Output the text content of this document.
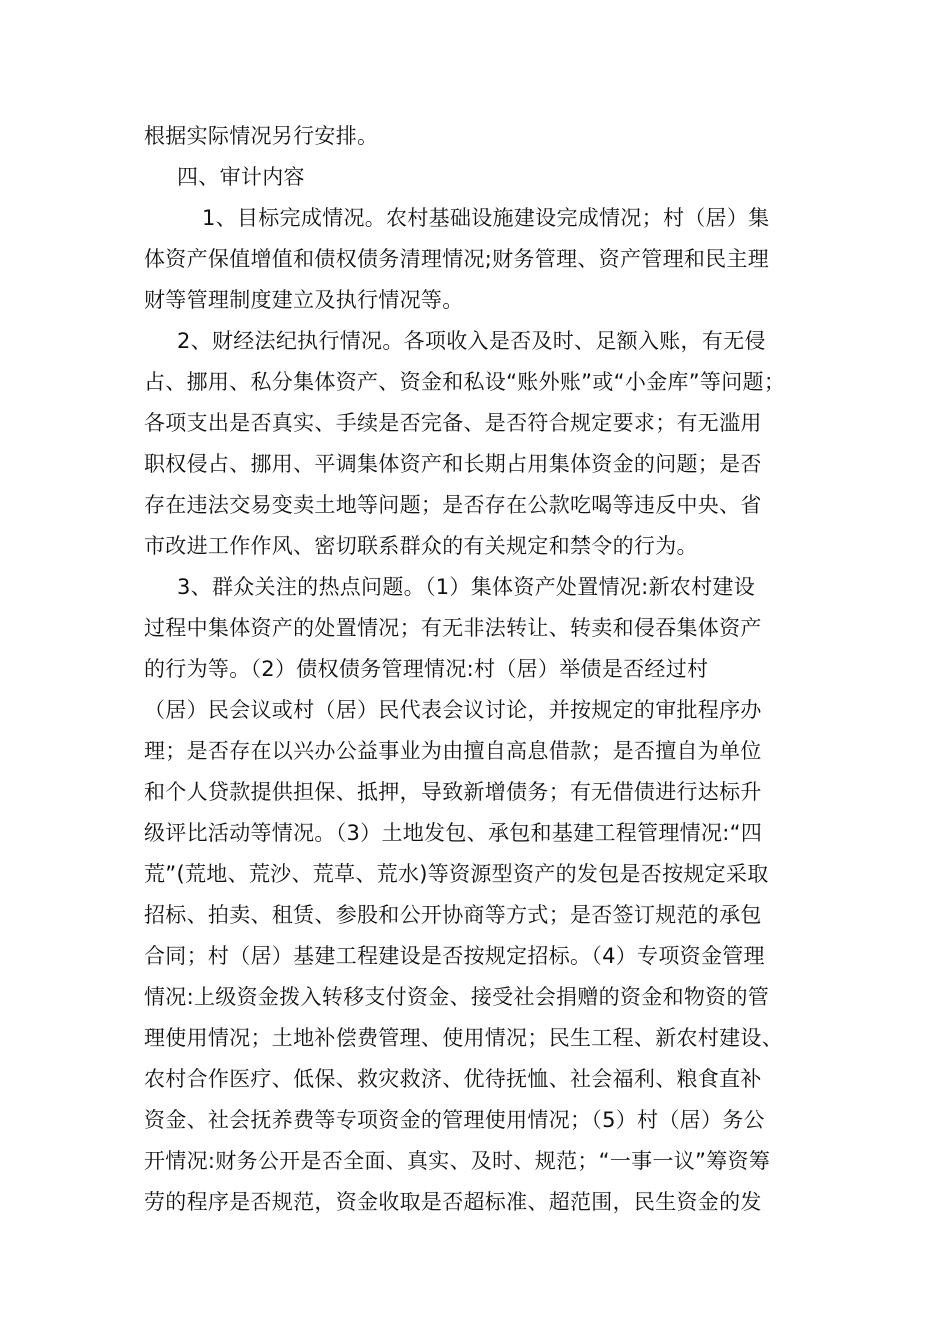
根据实际情况另行安排。
四、审计内容
1、目标完成情况。农村基础设施建设完成情况；村（居）集
体资产保值增值和债权债务清理情况;财务管理、资产管理和民主理
财等管理制度建立及执行情况等。
2、财经法纪执行情况。各项收入是否及时、足额入账，有无侵
占、挪用、私分集体资产、资金和私设“账外账”或“小金库”等问题；
各项支出是否真实、手续是否完备、是否符合规定要求；有无滥用
职权侵占、挪用、平调集体资产和长期占用集体资金的问题；是否
存在违法交易变卖土地等问题；是否存在公款吃喝等违反中央、省
市改进工作作风、密切联系群众的有关规定和禁令的行为。
3、群众关注的热点问题。（1）集体资产处置情况:新农村建设
过程中集体资产的处置情况；有无非法转让、转卖和侵吞集体资产
的行为等。（2）债权债务管理情况:村（居）举债是否经过村
（居）民会议或村（居）民代表会议讨论，并按规定的审批程序办
理；是否存在以兴办公益事业为由擅自高息借款；是否擅自为单位
和个人贷款提供担保、抵押，导致新增债务；有无借债进行达标升
级评比活动等情况。（3）土地发包、承包和基建工程管理情况:“四
荒”(荒地、荒沙、荒草、荒水)等资源型资产的发包是否按规定采取
招标、拍卖、租赁、参股和公开协商等方式；是否签订规范的承包
合同；村（居）基建工程建设是否按规定招标。（4）专项资金管理
情况:上级资金拨入转移支付资金、接受社会捐赠的资金和物资的管
理使用情况；土地补偿费管理、使用情况；民生工程、新农村建设、
农村合作医疗、低保、救灾救济、优待抚恤、社会福利、粮食直补
资金、社会抚养费等专项资金的管理使用情况；（5）村（居）务公
开情况:财务公开是否全面、真实、及时、规范；“一事一议”筹资筹
劳的程序是否规范，资金收取是否超标准、超范围，民生资金的发
